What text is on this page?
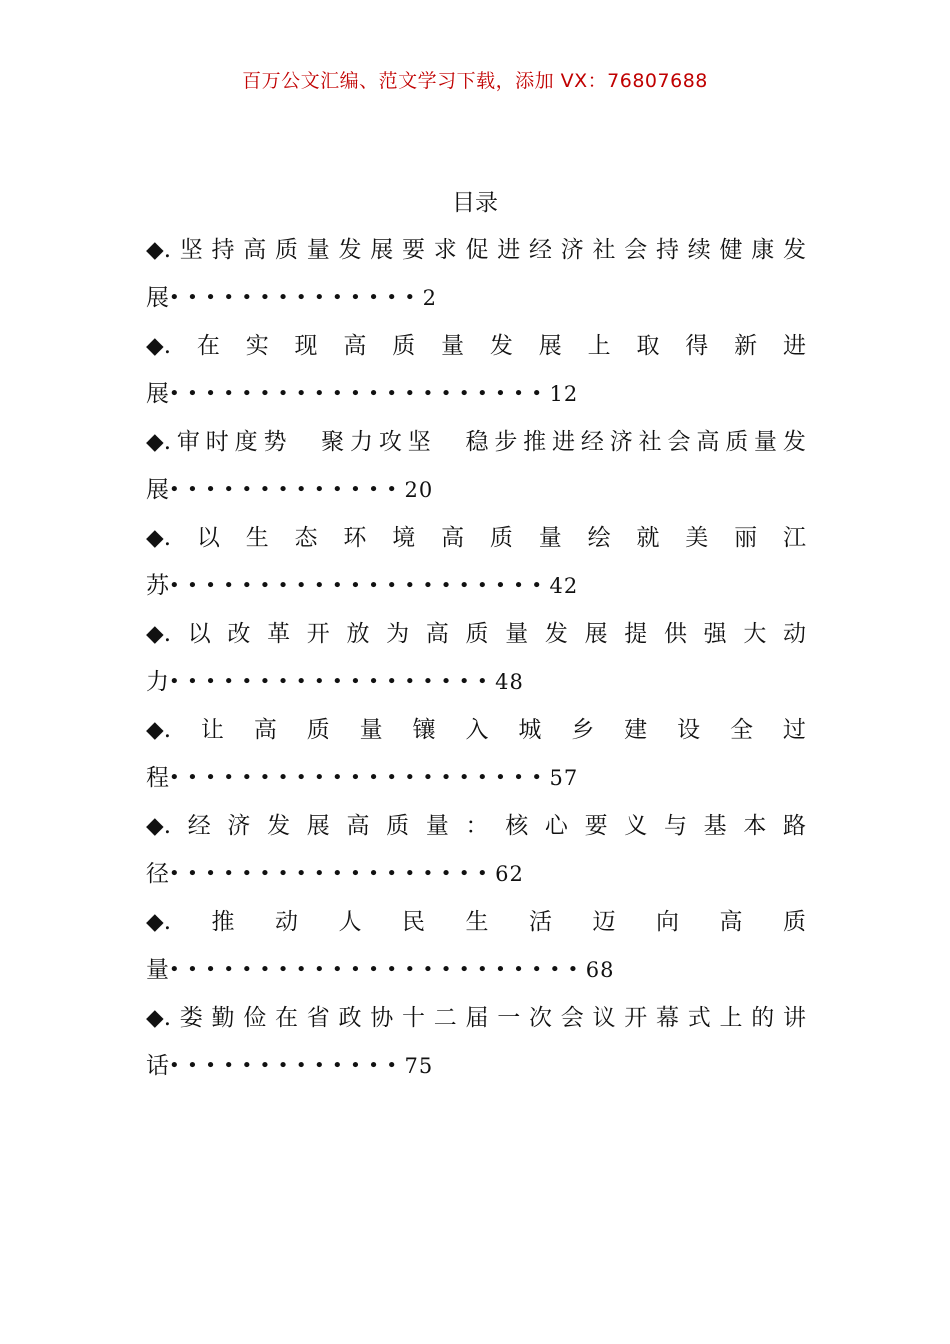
百万公文汇编、范文学习下载，添加 VX：76807688
目录
◆. 坚 持 高 质 量 发 展 要 求 促 进 经 济 社 会 持 续 健 康 发
展••••••••••••••2
◆. 在 实 现 高 质 量 发 展 上 取 得 新 进
展•••••••••••••••••••••12
◆. 审 时 度 势
　 聚 力 攻 坚
　 稳 步 推 进 经 济 社 会 高 质 量 发
展•••••••••••••20
◆. 以 生 态 环 境 高 质 量 绘 就 美 丽 江
苏•••••••••••••••••••••42
◆. 以 改 革 开 放 为 高 质 量 发 展 提 供 强 大 动
力••••••••••••••••••48
◆. 让 高 质 量 镶 入 城 乡 建 设 全 过
程•••••••••••••••••••••57
◆. 经 济 发 展 高 质 量 ： 核 心 要 义 与 基 本 路
径••••••••••••••••••62
◆. 推 动 人 民 生 活 迈 向 高 质
量•••••••••••••••••••••••68
◆. 娄 勤 俭 在 省 政 协 十 二 届 一 次 会 议 开 幕 式 上 的 讲
话•••••••••••••75
